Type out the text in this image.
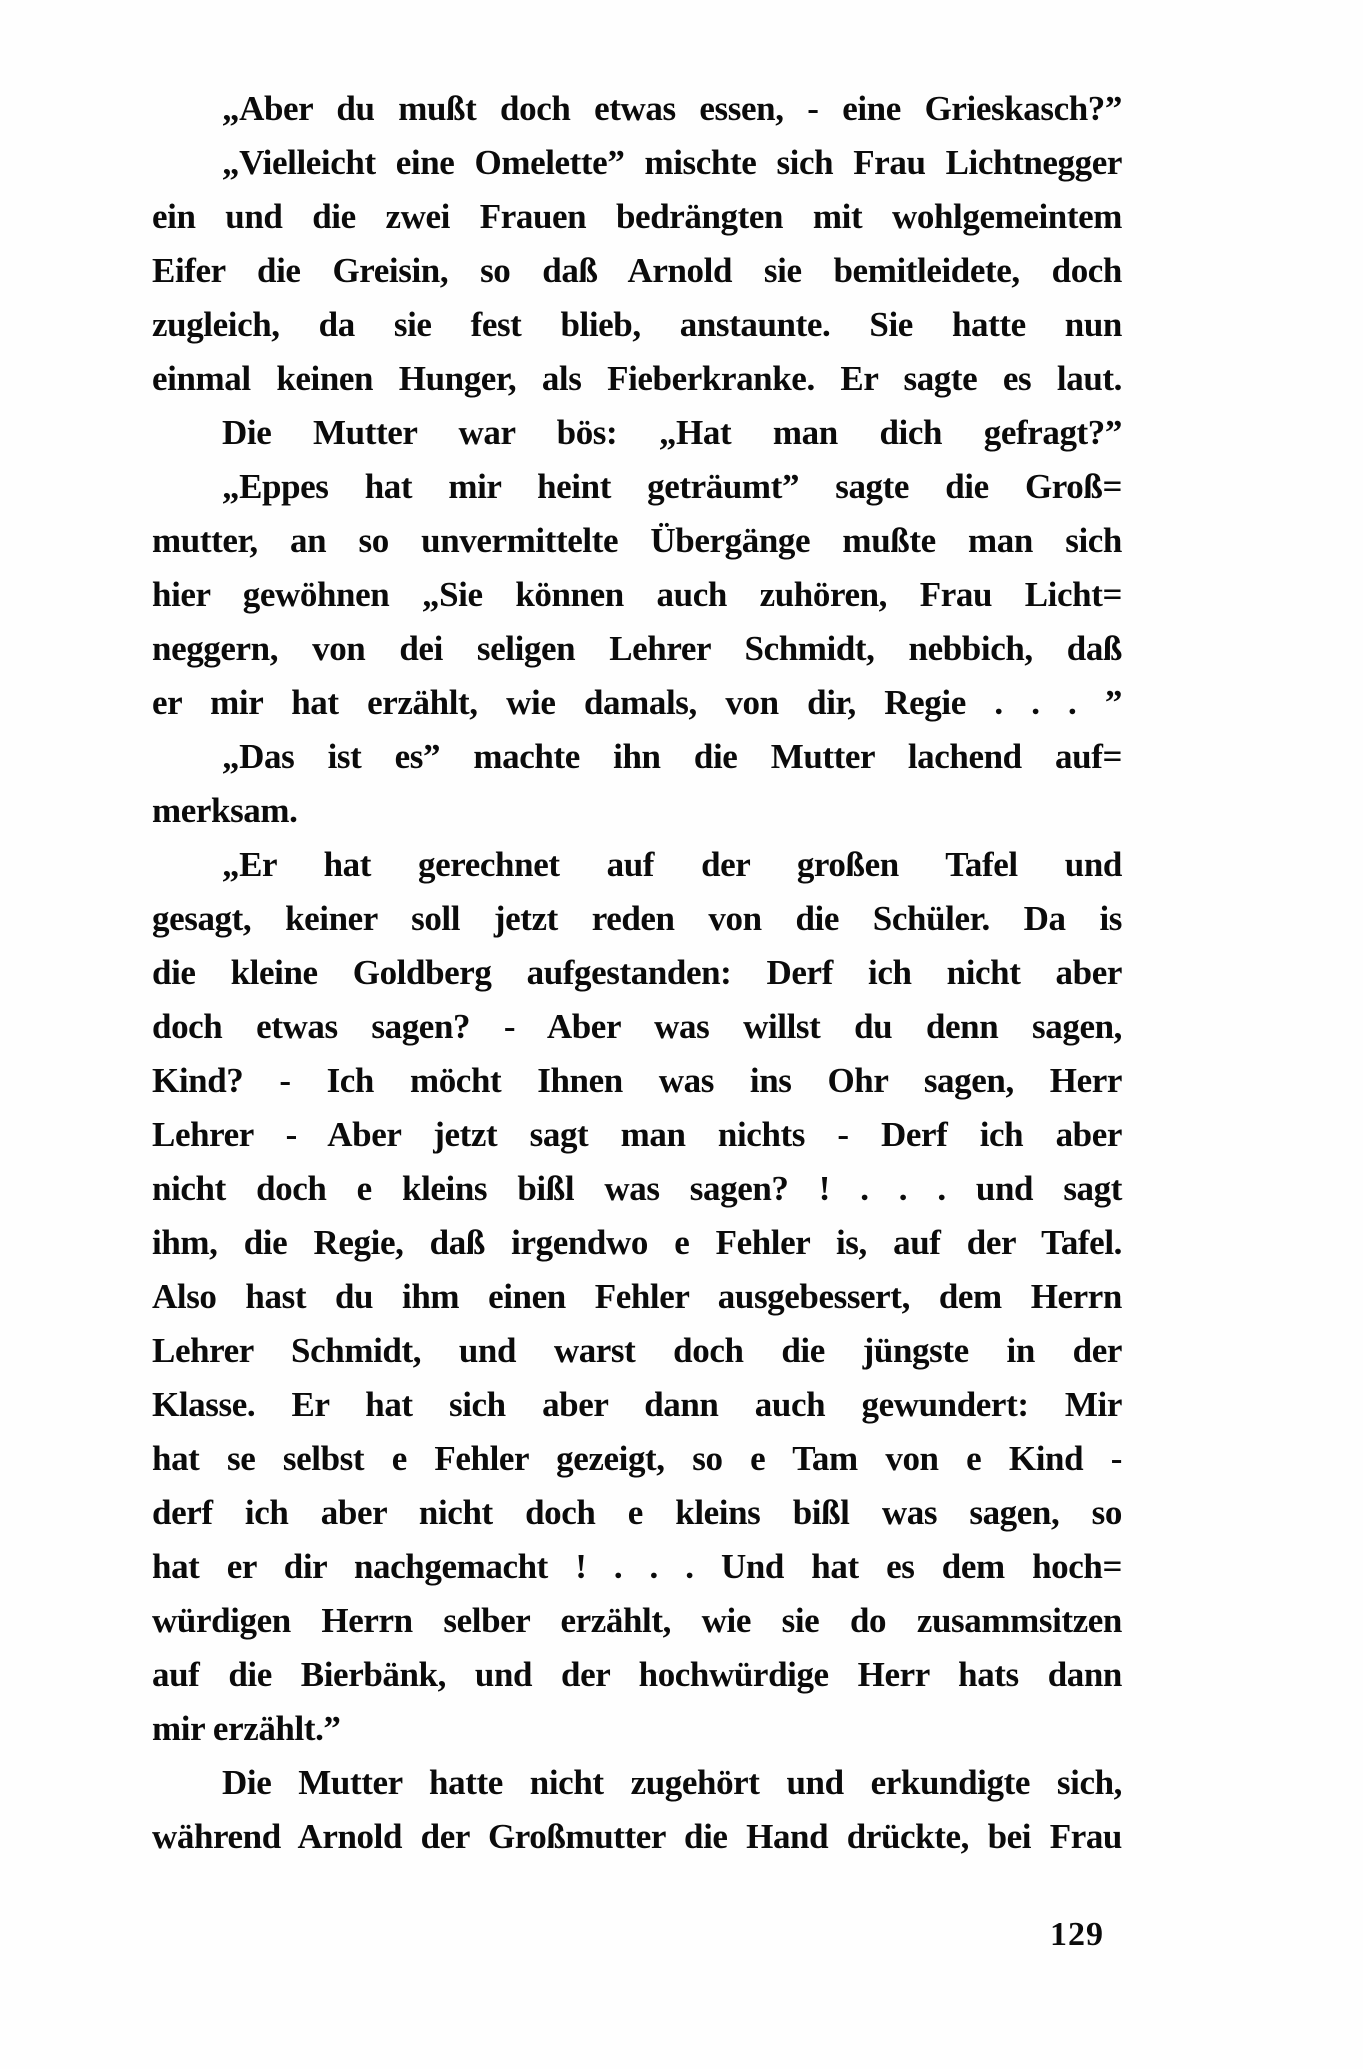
„Aber du mußt doch etwas essen, - eine Grieskasch?”
„Vielleicht eine Omelette” mischte sich Frau Lichtnegger
ein und die zwei Frauen bedrängten mit wohlgemeintem
Eifer die Greisin, so daß Arnold sie bemitleidete, doch
zugleich, da sie fest blieb, anstaunte. Sie hatte nun
einmal keinen Hunger, als Fieberkranke. Er sagte es laut.
Die Mutter war bös: „Hat man dich gefragt?”
„Eppes hat mir heint geträumt” sagte die Groß=
mutter, an so unvermittelte Übergänge mußte man sich
hier gewöhnen „Sie können auch zuhören, Frau Licht=
neggern, von dei seligen Lehrer Schmidt, nebbich, daß
er mir hat erzählt, wie damals, von dir, Regie . . . ”
„Das ist es” machte ihn die Mutter lachend auf=
merksam.
„Er hat gerechnet auf der großen Tafel und
gesagt, keiner soll jetzt reden von die Schüler. Da is
die kleine Goldberg aufgestanden: Derf ich nicht aber
doch etwas sagen? - Aber was willst du denn sagen,
Kind? - Ich möcht Ihnen was ins Ohr sagen, Herr
Lehrer - Aber jetzt sagt man nichts - Derf ich aber
nicht doch e kleins bißl was sagen? ! . . . und sagt
ihm, die Regie, daß irgendwo e Fehler is, auf der Tafel.
Also hast du ihm einen Fehler ausgebessert, dem Herrn
Lehrer Schmidt, und warst doch die jüngste in der
Klasse. Er hat sich aber dann auch gewundert: Mir
hat se selbst e Fehler gezeigt, so e Tam von e Kind -
derf ich aber nicht doch e kleins bißl was sagen, so
hat er dir nachgemacht ! . . . Und hat es dem hoch=
würdigen Herrn selber erzählt, wie sie do zusammsitzen
auf die Bierbänk, und der hochwürdige Herr hats dann
mir erzählt.”
Die Mutter hatte nicht zugehört und erkundigte sich,
während Arnold der Großmutter die Hand drückte, bei Frau
129
